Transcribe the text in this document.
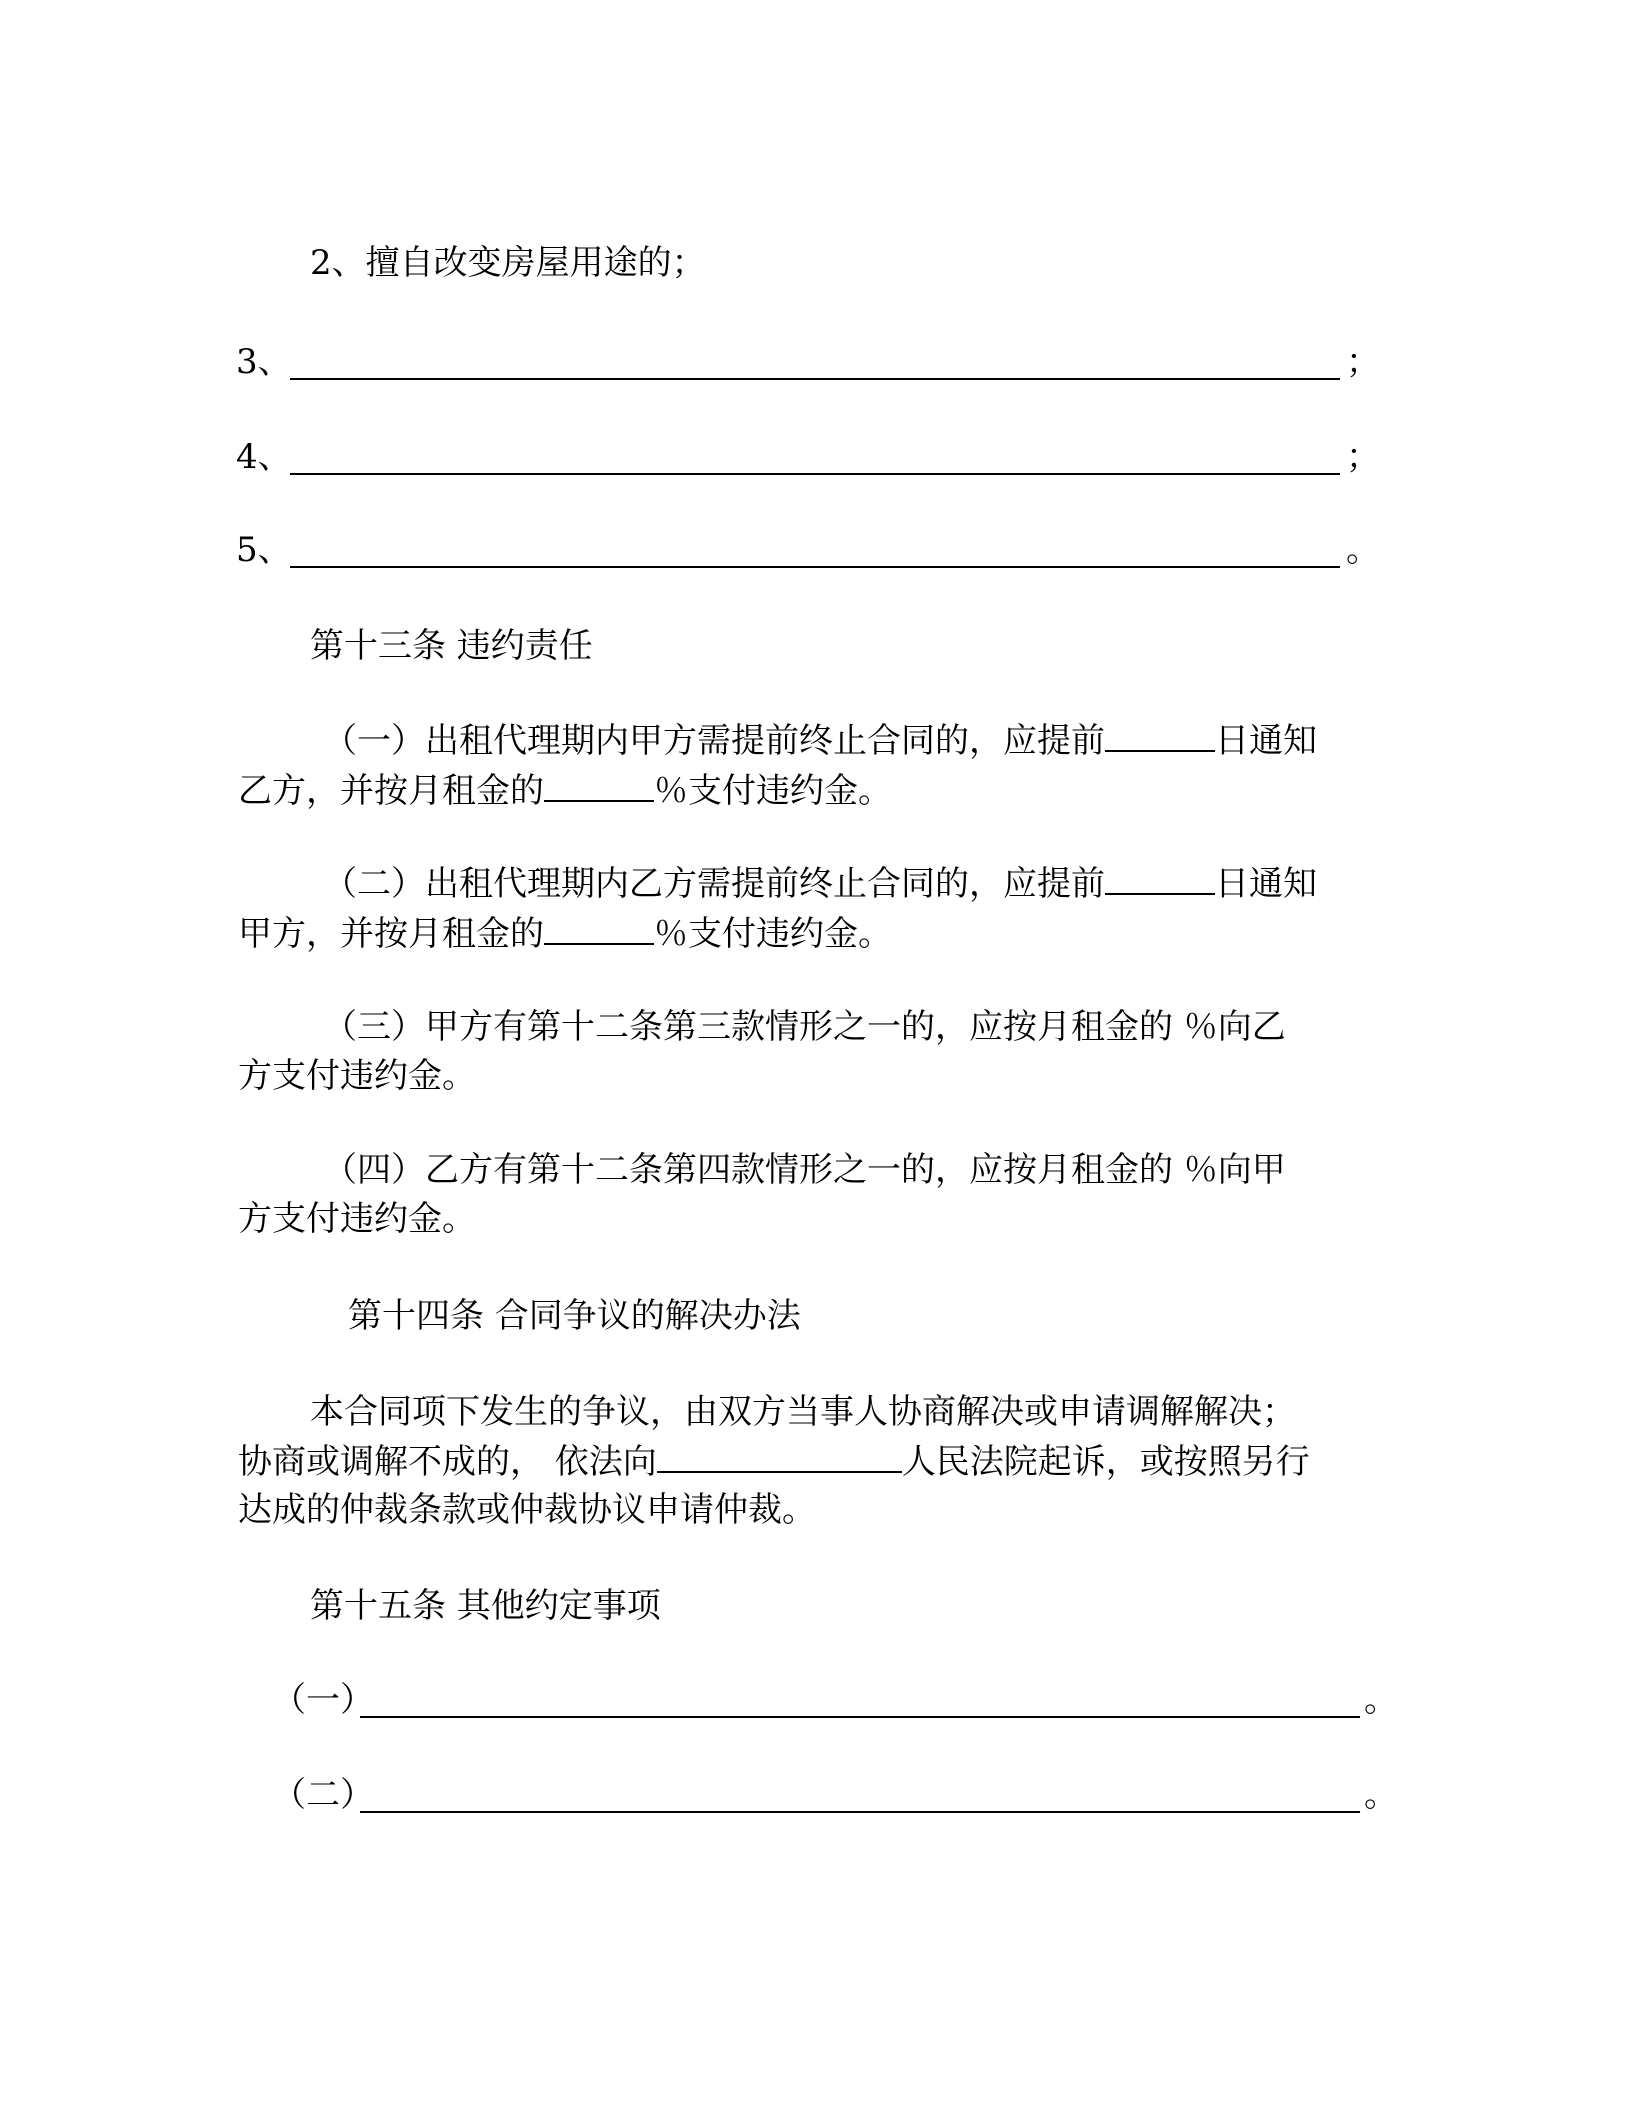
2、擅自改变房屋用途的；
3、	；
4、	；
5、	。
第十三条 违约责任
（一）出租代理期内甲方需提前终止合同的，应提前	日通知
乙方，并按月租金的	％支付违约金。
（二）出租代理期内乙方需提前终止合同的，应提前	日通知
甲方，并按月租金的	％支付违约金。
（三）甲方有第十二条第三款情形之一的，应按月租金的 ％向乙
方支付违约金。
（四）乙方有第十二条第四款情形之一的，应按月租金的 ％向甲
方支付违约金。
第十四条 合同争议的解决办法
本合同项下发生的争议，由双方当事人协商解决或申请调解解决；
协商或调解不成的， 依法向	人民法院起诉，或按照另行
达成的仲裁条款或仲裁协议申请仲裁。
第十五条 其他约定事项
（一）	。
（二）	。
